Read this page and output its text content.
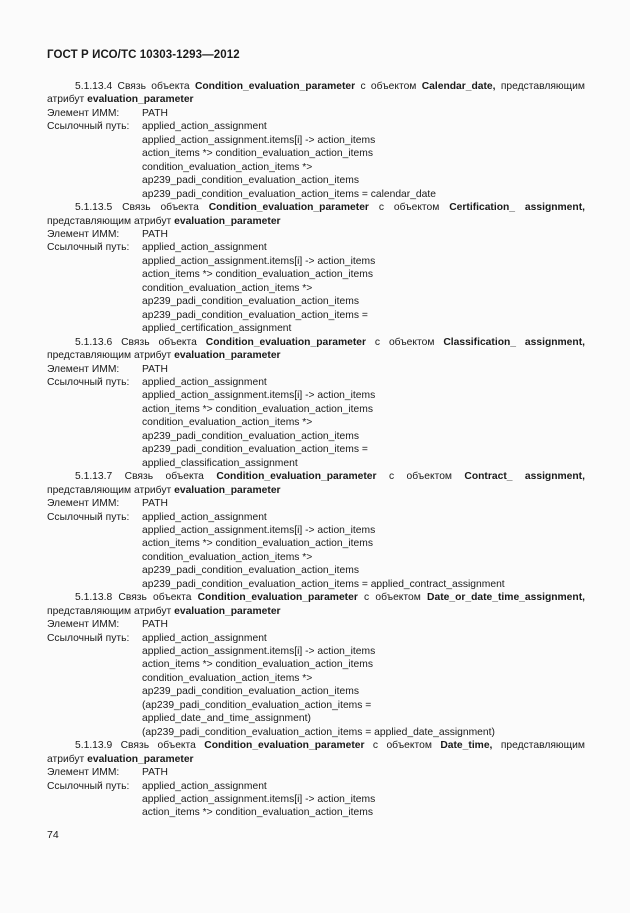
ГОСТ Р ИСО/ТС 10303-1293—2012
5.1.13.4 Связь объекта Condition_evaluation_parameter с объектом Calendar_date, представляющим атрибут evaluation_parameter
Элемент ИММ:	PATH
Ссылочный путь:	applied_action_assignment
applied_action_assignment.items[i] -> action_items
action_items *> condition_evaluation_action_items
condition_evaluation_action_items *>
ap239_padi_condition_evaluation_action_items
ap239_padi_condition_evaluation_action_items = calendar_date
5.1.13.5 Связь объекта Condition_evaluation_parameter с объектом Certification_ assignment, представляющим атрибут evaluation_parameter
Элемент ИММ:	PATH
Ссылочный путь:	applied_action_assignment
applied_action_assignment.items[i] -> action_items
action_items *> condition_evaluation_action_items
condition_evaluation_action_items *>
ap239_padi_condition_evaluation_action_items
ap239_padi_condition_evaluation_action_items =
applied_certification_assignment
5.1.13.6 Связь объекта Condition_evaluation_parameter с объектом Classification_ assignment, представляющим атрибут evaluation_parameter
Элемент ИММ:	PATH
Ссылочный путь:	applied_action_assignment
applied_action_assignment.items[i] -> action_items
action_items *> condition_evaluation_action_items
condition_evaluation_action_items *>
ap239_padi_condition_evaluation_action_items
ap239_padi_condition_evaluation_action_items =
applied_classification_assignment
5.1.13.7 Связь объекта Condition_evaluation_parameter с объектом Contract_ assignment, представляющим атрибут evaluation_parameter
Элемент ИММ:	PATH
Ссылочный путь:	applied_action_assignment
applied_action_assignment.items[i] -> action_items
action_items *> condition_evaluation_action_items
condition_evaluation_action_items *>
ap239_padi_condition_evaluation_action_items
ap239_padi_condition_evaluation_action_items = applied_contract_assignment
5.1.13.8 Связь объекта Condition_evaluation_parameter с объектом Date_or_date_time_assignment, представляющим атрибут evaluation_parameter
Элемент ИММ:	PATH
Ссылочный путь:	applied_action_assignment
applied_action_assignment.items[i] -> action_items
action_items *> condition_evaluation_action_items
condition_evaluation_action_items *>
ap239_padi_condition_evaluation_action_items
(ap239_padi_condition_evaluation_action_items =
applied_date_and_time_assignment)
(ap239_padi_condition_evaluation_action_items = applied_date_assignment)
5.1.13.9 Связь объекта Condition_evaluation_parameter с объектом Date_time, представляющим атрибут evaluation_parameter
Элемент ИММ:	PATH
Ссылочный путь:	applied_action_assignment
applied_action_assignment.items[i] -> action_items
action_items *> condition_evaluation_action_items
74
